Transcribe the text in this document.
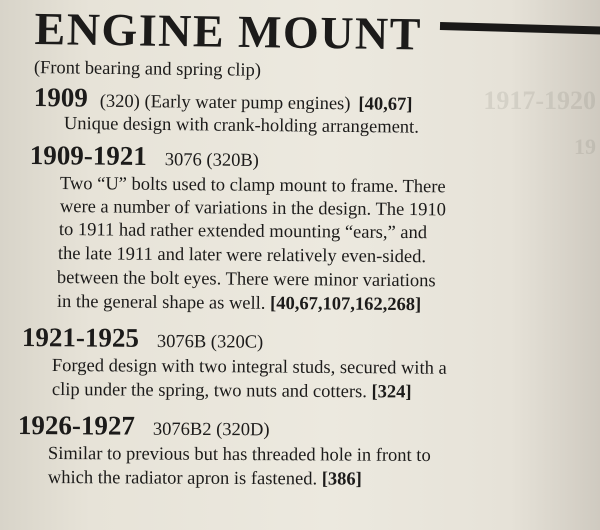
1917-1920
19
ENGINE MOUNT
(Front bearing and spring clip)
1909 (320) (Early water pump engines) [40,67]
Unique design with crank-holding arrangement.
1909-1921 3076 (320B)
Two “U” bolts used to clamp mount to frame. There
were a number of variations in the design. The 1910
to 1911 had rather extended mounting “ears,” and
the late 1911 and later were relatively even-sided.
between the bolt eyes. There were minor variations
in the general shape as well. [40,67,107,162,268]
1921-1925 3076B (320C)
Forged design with two integral studs, secured with a
clip under the spring, two nuts and cotters. [324]
1926-1927 3076B2 (320D)
Similar to previous but has threaded hole in front to
which the radiator apron is fastened. [386]
